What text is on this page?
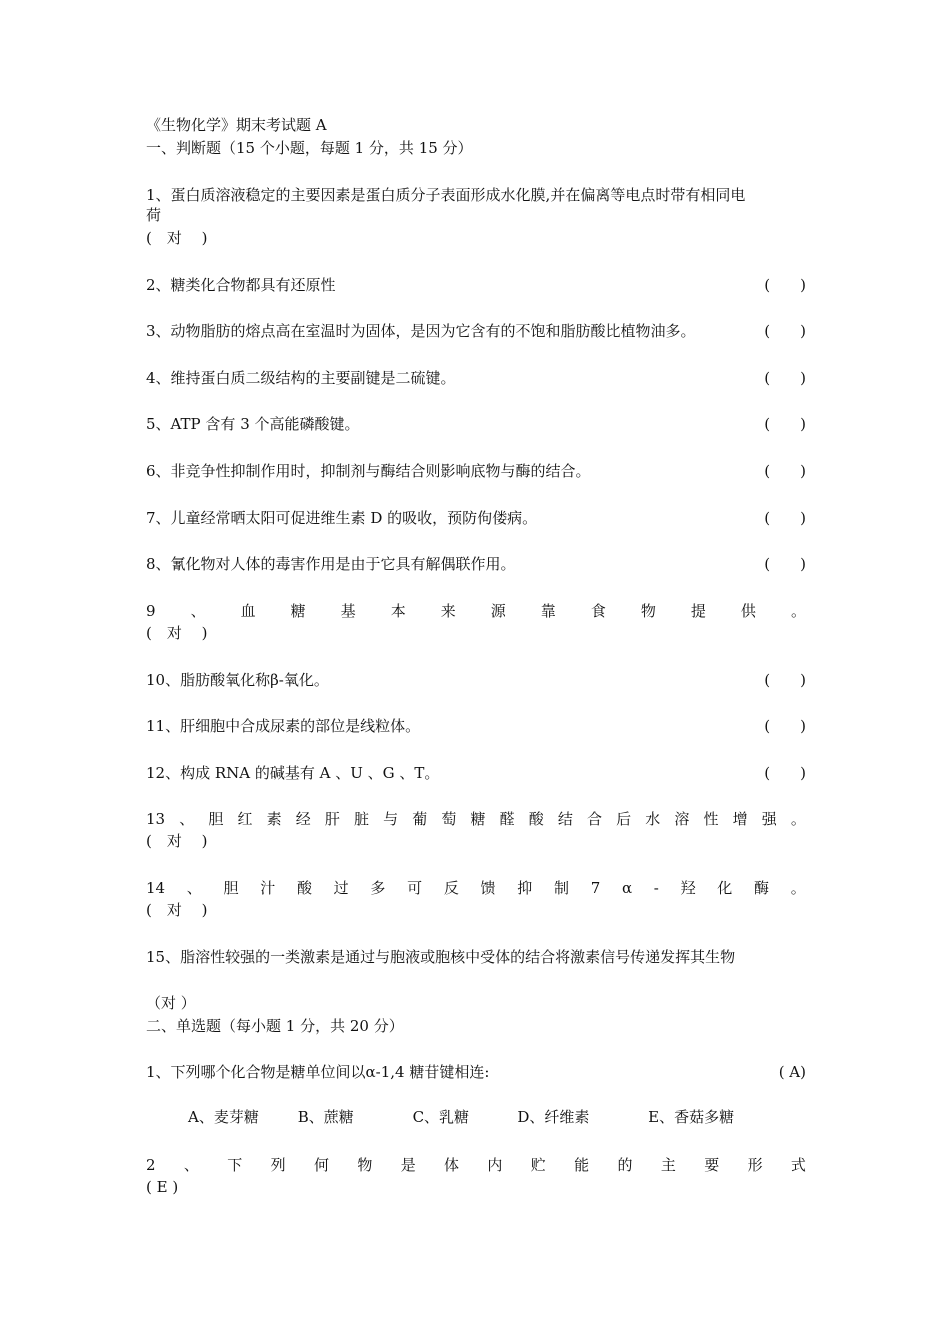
《生物化学》期末考试题 A
一、判断题（15 个小题，每题 1 分，共 15 分）
1、蛋白质溶液稳定的主要因素是蛋白质分子表面形成水化膜,并在偏离等电点时带有相同电
荷
(　对　 )
2、糖类化合物都具有还原性	(　　)
3、动物脂肪的熔点高在室温时为固体，是因为它含有的不饱和脂肪酸比植物油多。	(　　)
4、维持蛋白质二级结构的主要副键是二硫键。	(　　)
5、ATP 含有 3 个高能磷酸键。	(　　)
6、非竞争性抑制作用时，抑制剂与酶结合则影响底物与酶的结合。	(　　)
7、儿童经常晒太阳可促进维生素 D 的吸收，预防佝偻病。	(　　)
8、氰化物对人体的毒害作用是由于它具有解偶联作用。	(　　)
9 、 血 糖 基 本 来 源 靠 食 物 提 供 。
(　对　 )
10、脂肪酸氧化称β-氧化。	(　　)
11、肝细胞中合成尿素的部位是线粒体。	(　　)
12、构成 RNA 的碱基有 A 、U 、G 、T。	(　　)
13 、 胆 红 素 经 肝 脏 与 葡 萄 糖 醛 酸 结 合 后 水 溶 性 增 强 。
(　对　 )
14 、 胆 汁 酸 过 多 可 反 馈 抑 制 7 α - 羟 化 酶 。
(　对　 )
15、脂溶性较强的一类激素是通过与胞液或胞核中受体的结合将激素信号传递发挥其生物
（对 ）
二、单选题（每小题 1 分，共 20 分）
1、下列哪个化合物是糖单位间以α-1,4 糖苷键相连:	( A)
A、麦芽糖	B、蔗糖	C、乳糖	D、纤维素	E、香菇多糖
2 、 下 列 何 物 是 体 内 贮 能 的 主 要 形 式
( E )
